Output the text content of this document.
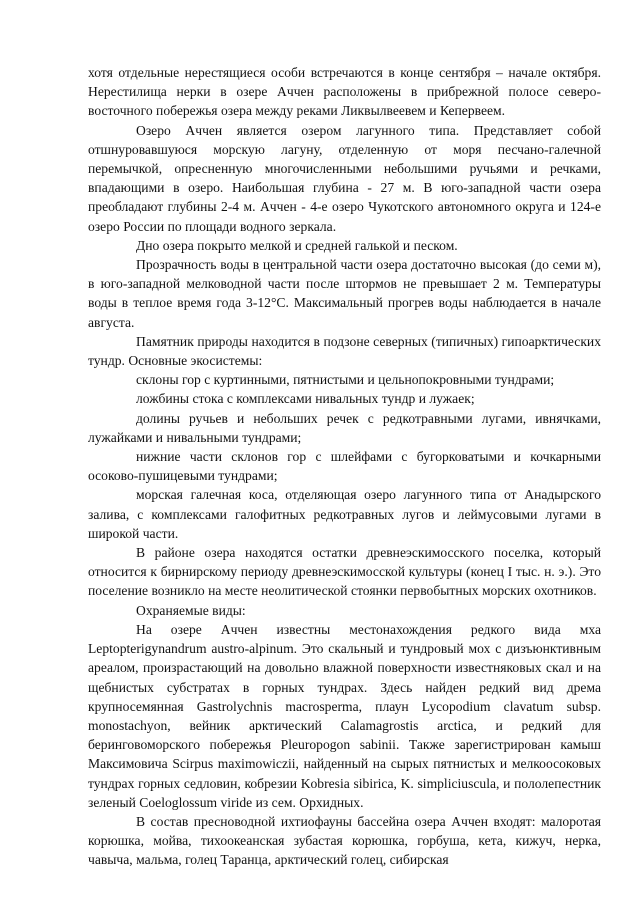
хотя отдельные нерестящиеся особи встречаются в конце сентября – начале октября. Нерестилища нерки в озере Аччен расположены в прибрежной полосе северо-восточного побережья озера между реками Ликвылвеевем и Кепервеем.

Озеро Аччен является озером лагунного типа. Представляет собой отшнуровавшуюся морскую лагуну, отделенную от моря песчано-галечной перемычкой, опресненную многочисленными небольшими ручьями и речками, впадающими в озеро. Наибольшая глубина - 27 м. В юго-западной части озера преобладают глубины 2-4 м. Аччен - 4-е озеро Чукотского автономного округа и 124-е озеро России по площади водного зеркала.

Дно озера покрыто мелкой и средней галькой и песком.

Прозрачность воды в центральной части озера достаточно высокая (до семи м), в юго-западной мелководной части после штормов не превышает 2 м. Температуры воды в теплое время года 3-12°С. Максимальный прогрев воды наблюдается в начале августа.

Памятник природы находится в подзоне северных (типичных) гипоарктических тундр. Основные экосистемы:

склоны гор с куртинными, пятнистыми и цельнопокровными тундрами;

ложбины стока с комплексами нивальных тундр и лужаек;

долины ручьев и небольших речек с редкотравными лугами, ивнячками, лужайками и нивальными тундрами;

нижние части склонов гор с шлейфами с бугорковатыми и кочкарными осоково-пушицевыми тундрами;

морская галечная коса, отделяющая озеро лагунного типа от Анадырского залива, с комплексами галофитных редкотравных лугов и леймусовыми лугами в широкой части.

В районе озера находятся остатки древнеэскимосского поселка, который относится к бирнирскому периоду древнеэскимосской культуры (конец I тыс. н. э.). Это поселение возникло на месте неолитической стоянки первобытных морских охотников.

Охраняемые виды:

На озере Аччен известны местонахождения редкого вида мха Leptopterigynandrum austro-alpinum. Это скальный и тундровый мох с дизъюнктивным ареалом, произрастающий на довольно влажной поверхности известняковых скал и на щебнистых субстратах в горных тундрах. Здесь найден редкий вид дрема крупносемянная Gastrolychnis macrosperma, плаун Lycopodium clavatum subsp. monostachyon, вейник арктический Calamagrostis arctica, и редкий для беринговоморского побережья Pleuropogon sabinii. Также зарегистрирован камыш Максимовича Scirpus maximowiczii, найденный на сырых пятнистых и мелкоосоковых тундрах горных седловин, кобрезии Kobresia sibirica, K. simpliciuscula, и пололепестник зеленый Coeloglossum viride из сем. Орхидных.

В состав пресноводной ихтиофауны бассейна озера Аччен входят: малоротая корюшка, мойва, тихоокеанская зубастая корюшка, горбуша, кета, кижуч, нерка, чавыча, мальма, голец Таранца, арктический голец, сибирская
